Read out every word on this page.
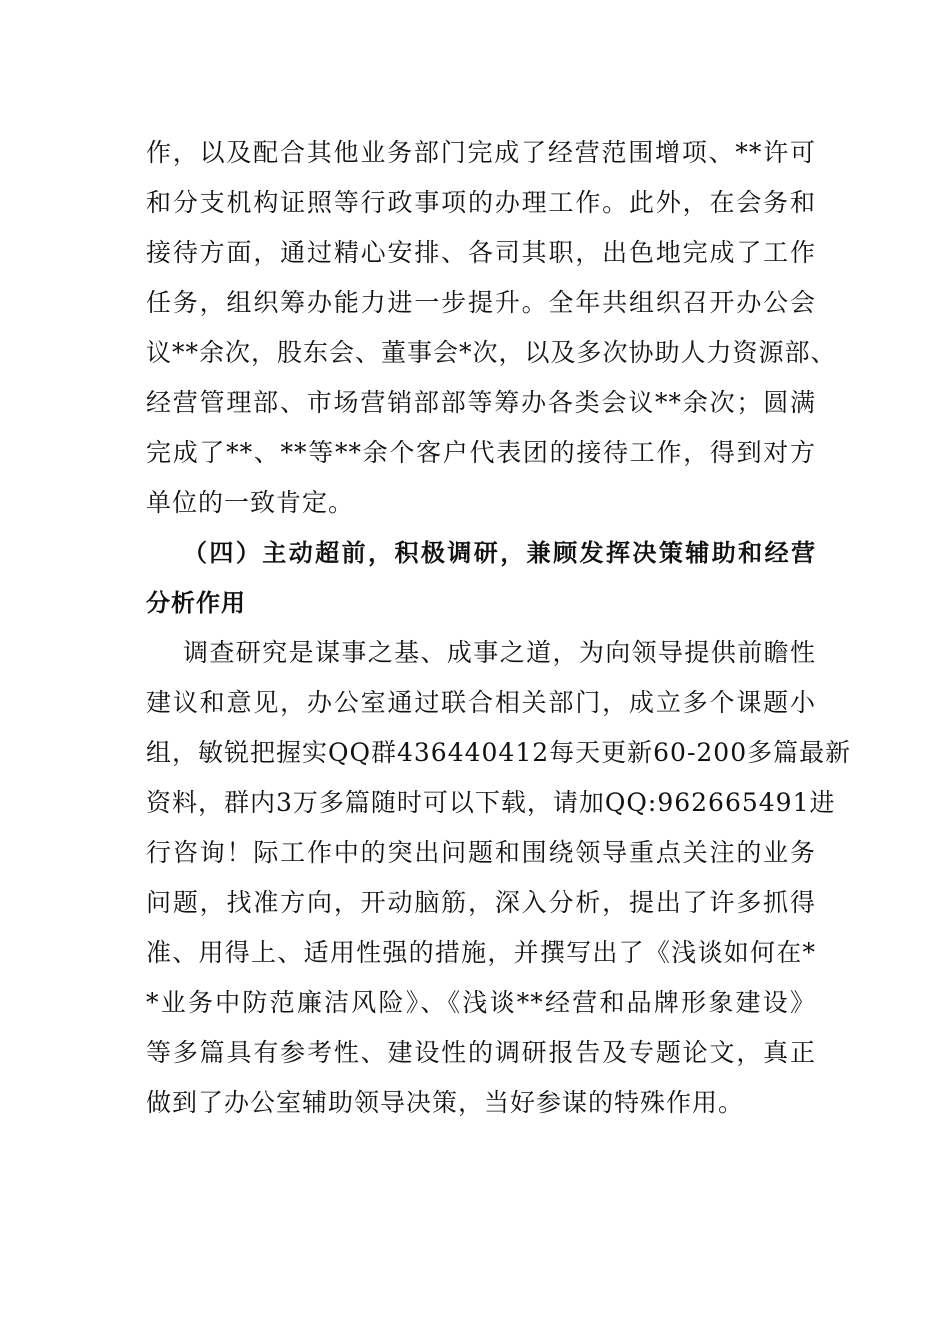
作，以及配合其他业务部门完成了经营范围增项、**许可
和分支机构证照等行政事项的办理工作。此外，在会务和
接待方面，通过精心安排、各司其职，出色地完成了工作
任务，组织筹办能力进一步提升。全年共组织召开办公会
议**余次，股东会、董事会*次，以及多次协助人力资源部、
经营管理部、市场营销部部等筹办各类会议**余次；圆满
完成了**、**等**余个客户代表团的接待工作，得到对方
单位的一致肯定。
（四）主动超前，积极调研，兼顾发挥决策辅助和经营
分析作用
调查研究是谋事之基、成事之道，为向领导提供前瞻性
建议和意见，办公室通过联合相关部门，成立多个课题小
组，敏锐把握实QQ群436440412每天更新60-200多篇最新
资料，群内3万多篇随时可以下载，请加QQ:962665491进
行咨询！际工作中的突出问题和围绕领导重点关注的业务
问题，找准方向，开动脑筋，深入分析，提出了许多抓得
准、用得上、适用性强的措施，并撰写出了《浅谈如何在*
*业务中防范廉洁风险》、《浅谈**经营和品牌形象建设》
等多篇具有参考性、建设性的调研报告及专题论文，真正
做到了办公室辅助领导决策，当好参谋的特殊作用。
